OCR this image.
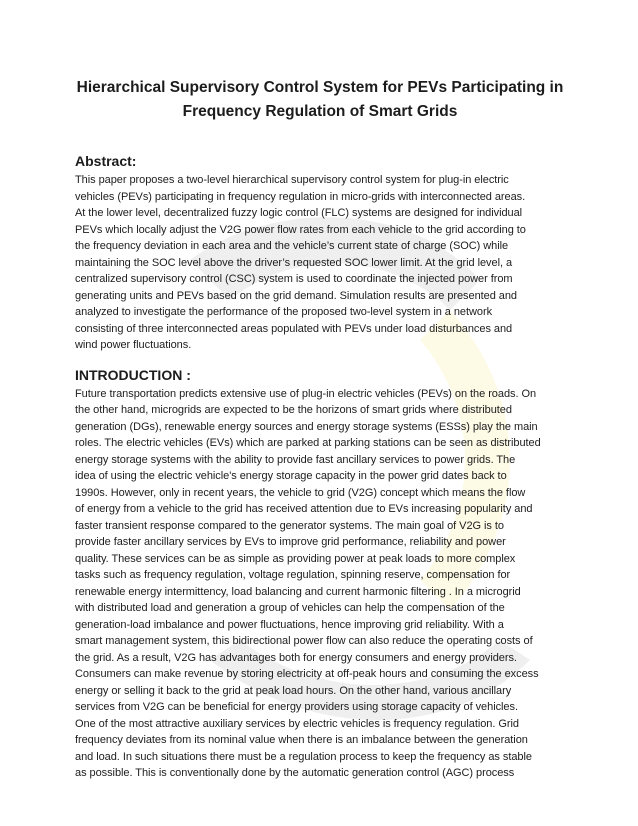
Hierarchical Supervisory Control System for PEVs Participating in
Frequency Regulation of Smart Grids
Abstract:
This paper proposes a two-level hierarchical supervisory control system for plug-in electric
vehicles (PEVs) participating in frequency regulation in micro-grids with interconnected areas.
At the lower level, decentralized fuzzy logic control (FLC) systems are designed for individual
PEVs which locally adjust the V2G power flow rates from each vehicle to the grid according to
the frequency deviation in each area and the vehicle’s current state of charge (SOC) while
maintaining the SOC level above the driver’s requested SOC lower limit. At the grid level, a
centralized supervisory control (CSC) system is used to coordinate the injected power from
generating units and PEVs based on the grid demand. Simulation results are presented and
analyzed to investigate the performance of the proposed two-level system in a network
consisting of three interconnected areas populated with PEVs under load disturbances and
wind power fluctuations.
INTRODUCTION :
Future transportation predicts extensive use of plug-in electric vehicles (PEVs) on the roads. On
the other hand, microgrids are expected to be the horizons of smart grids where distributed
generation (DGs), renewable energy sources and energy storage systems (ESSs) play the main
roles. The electric vehicles (EVs) which are parked at parking stations can be seen as distributed
energy storage systems with the ability to provide fast ancillary services to power grids. The
idea of using the electric vehicle's energy storage capacity in the power grid dates back to
1990s. However, only in recent years, the vehicle to grid (V2G) concept which means the flow
of energy from a vehicle to the grid has received attention due to EVs increasing popularity and
faster transient response compared to the generator systems. The main goal of V2G is to
provide faster ancillary services by EVs to improve grid performance, reliability and power
quality. These services can be as simple as providing power at peak loads to more complex
tasks such as frequency regulation, voltage regulation, spinning reserve, compensation for
renewable energy intermittency, load balancing and current harmonic filtering . In a microgrid
with distributed load and generation a group of vehicles can help the compensation of the
generation-load imbalance and power fluctuations, hence improving grid reliability. With a
smart management system, this bidirectional power flow can also reduce the operating costs of
the grid. As a result, V2G has advantages both for energy consumers and energy providers.
Consumers can make revenue by storing electricity at off-peak hours and consuming the excess
energy or selling it back to the grid at peak load hours. On the other hand, various ancillary
services from V2G can be beneficial for energy providers using storage capacity of vehicles.
One of the most attractive auxiliary services by electric vehicles is frequency regulation. Grid
frequency deviates from its nominal value when there is an imbalance between the generation
and load. In such situations there must be a regulation process to keep the frequency as stable
as possible. This is conventionally done by the automatic generation control (AGC) process
